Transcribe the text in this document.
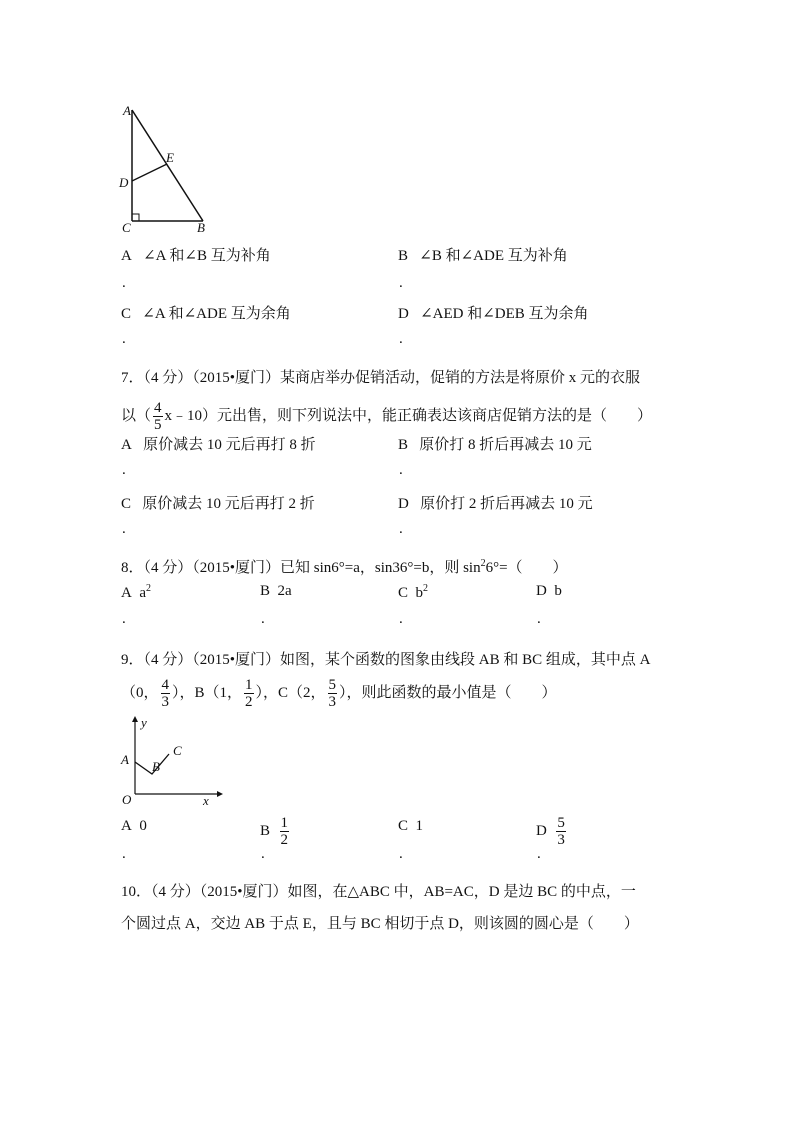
A
E
D
C	B
A ∠A 和∠B 互为补角
.
B ∠B 和∠ADE 互为补角
.
C ∠A 和∠ADE 互为余角
.
D ∠AED 和∠DEB 互为余角
.
7．（4 分）（2015•厦门）某商店举办促销活动，促销的方法是将原价 x 元的衣服
以（ $\frac{4}{5}$ x﹣10）元出售，则下列说法中，能正确表达该商店促销方法的是（　　）
A 原价减去 10 元后再打 8 折
.
B 原价打 8 折后再减去 10 元
.
C 原价减去 10 元后再打 2 折
.
D 原价打 2 折后再减去 10 元
.
8．（4 分）（2015•厦门）已知 sin6°=a，sin36°=b，则 $\sin^26^\circ=$（　　）
A $a^2$
.
B 2a
.
C $b^2$
.
D b
.
9．（4 分）（2015•厦门）如图，某个函数的图象由线段 AB 和 BC 组成，其中点 A
（0， $\frac{4}{3}$ ），B（1， $\frac{1}{2}$ ），C（2， $\frac{5}{3}$ ），则此函数的最小值是（　　）
y
A B
C
O	x
A 0
.
B $\frac{1}{2}$
.
C 1
.
D $\frac{5}{3}$
.
10．（4 分）（2015•厦门）如图，在△ABC 中，AB=AC，D 是边 BC 的中点，一
个圆过点 A，交边 AB 于点 E，且与 BC 相切于点 D，则该圆的圆心是（　　）
